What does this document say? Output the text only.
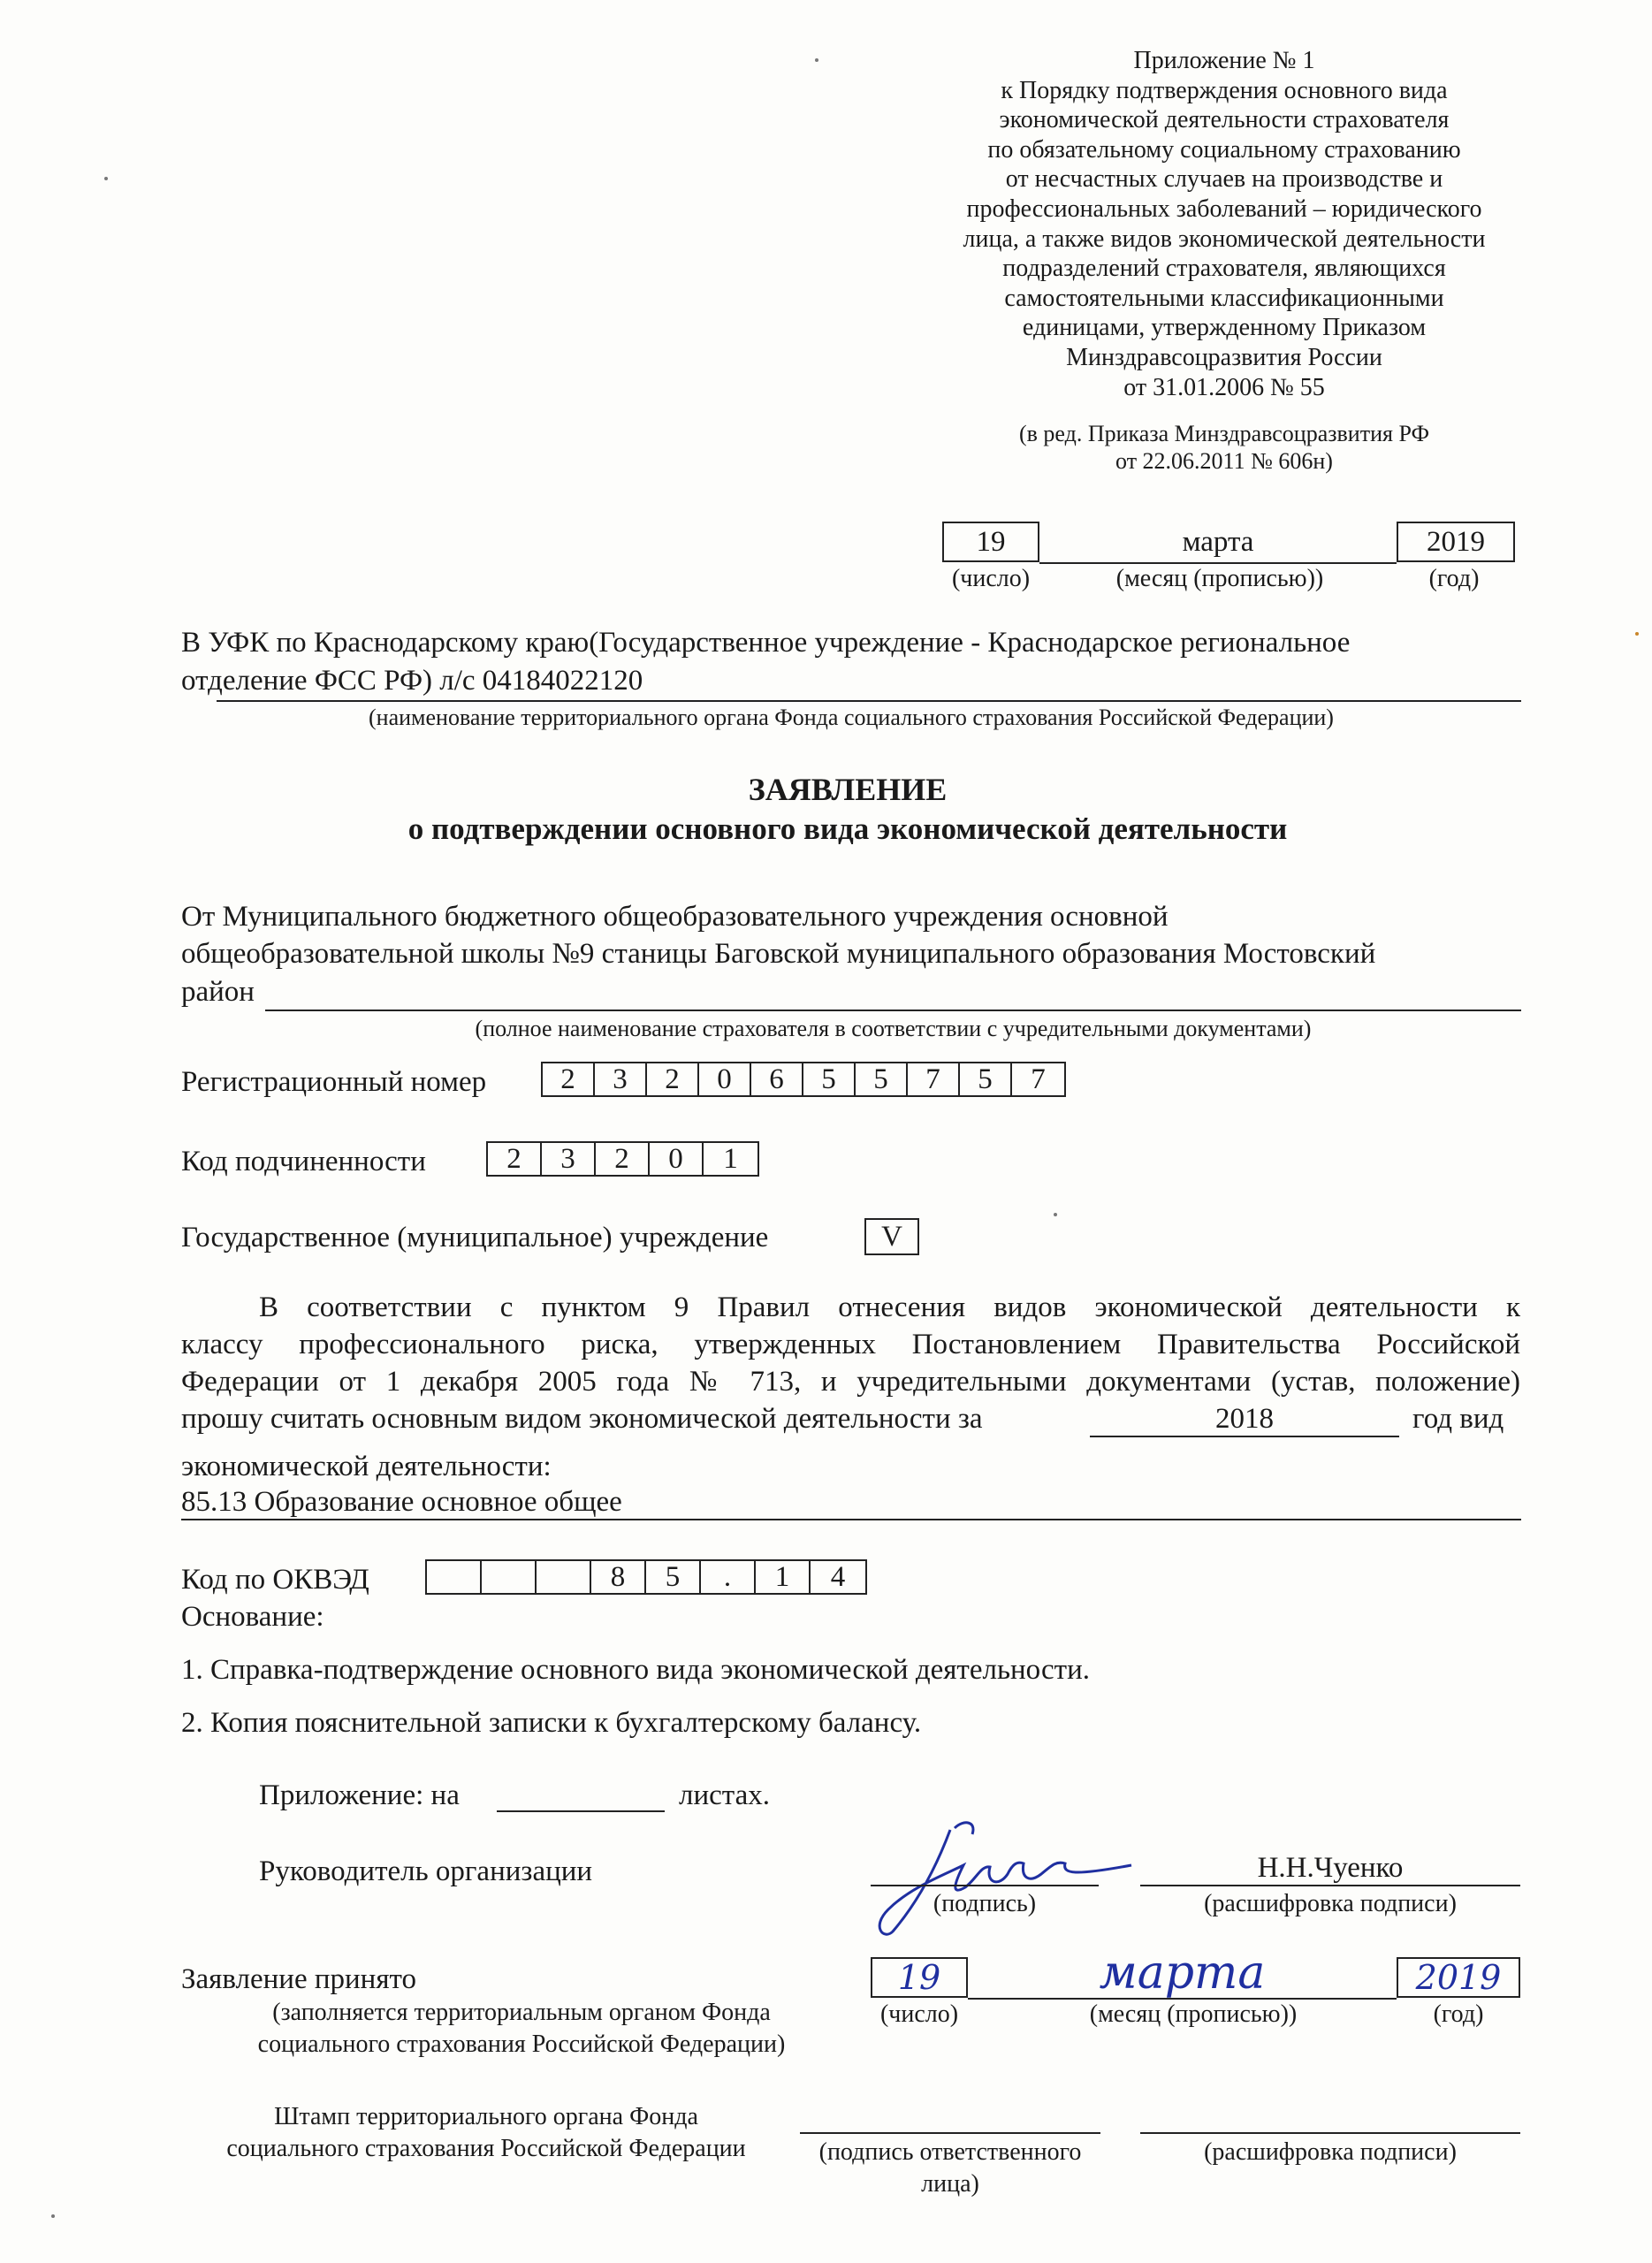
Приложение № 1
к Порядку подтверждения основного вида
экономической деятельности страхователя
по обязательному социальному страхованию
от несчастных случаев на производстве и
профессиональных заболеваний – юридического
лица, а также видов экономической деятельности
подразделений страхователя, являющихся
самостоятельными классификационными
единицами, утвержденному Приказом
Минздравсоцразвития России
от 31.01.2006 № 55
(в ред. Приказа Минздравсоцразвития РФ
от 22.06.2011 № 606н)
19	марта	2019
(число)	(месяц (прописью))	(год)
В УФК по Краснодарскому краю(Государственное учреждение - Краснодарское региональное
отделение ФСС РФ) л/с 04184022120
(наименование территориального органа Фонда социального страхования Российской Федерации)
ЗАЯВЛЕНИЕ
о подтверждении основного вида экономической деятельности
От Муниципального бюджетного общеобразовательного учреждения основной
общеобразовательной школы №9 станицы Баговской муниципального образования Мостовский
район
(полное наименование страхователя в соответствии с учредительными документами)
Регистрационный номер	2	3	2	0	6	5	5	7	5	7
Код подчиненности	2	3	2	0	1
Государственное (муниципальное) учреждение	V
В соответствии с пунктом 9 Правил отнесения видов экономической деятельности к
классу профессионального риска, утвержденных Постановлением Правительства Российской
Федерации от 1 декабря 2005 года № 713, и учредительными документами (устав, положение)
прошу считать основным видом экономической деятельности за	2018	год вид
экономической деятельности:
85.13 Образование основное общее
Код по ОКВЭД	8	5	.	1	4
Основание:
1. Справка-подтверждение основного вида экономической деятельности.
2. Копия пояснительной записки к бухгалтерскому балансу.
Приложение: на	листах.
Руководитель организации	Н.Н.Чуенко
(подпись)	(расшифровка подписи)
Заявление принято
(заполняется территориальным органом Фонда
социального страхования Российской Федерации)
19	марта	2019
(число)	(месяц (прописью))	(год)
Штамп территориального органа Фонда
социального страхования Российской Федерации	(подпись ответственного
лица)
(расшифровка подписи)
